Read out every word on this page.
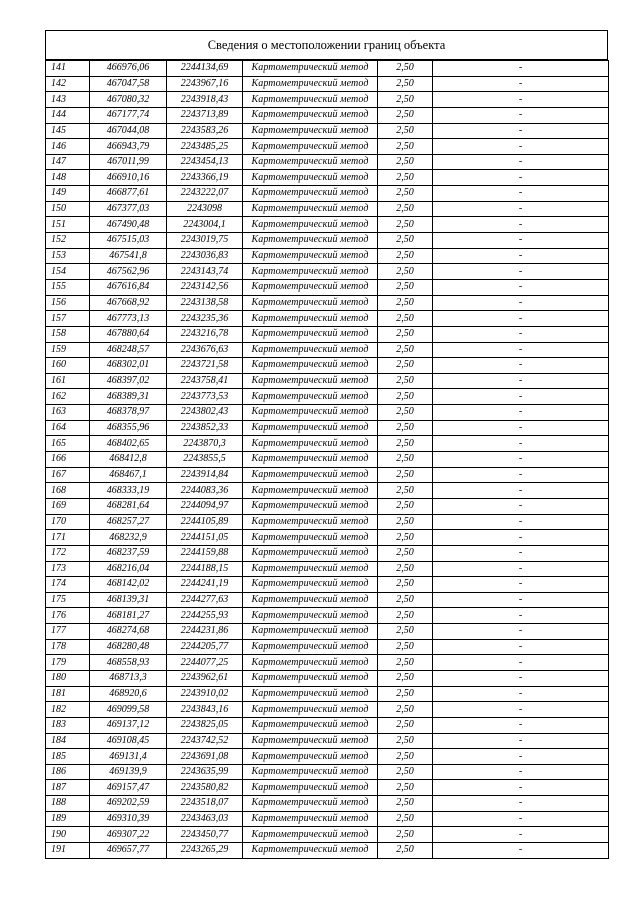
Сведения о местоположении границ объекта
141	466976,06	2244134,69	Картометрический метод	2,50	-
142	467047,58	2243967,16	Картометрический метод	2,50	-
143	467080,32	2243918,43	Картометрический метод	2,50	-
144	467177,74	2243713,89	Картометрический метод	2,50	-
145	467044,08	2243583,26	Картометрический метод	2,50	-
146	466943,79	2243485,25	Картометрический метод	2,50	-
147	467011,99	2243454,13	Картометрический метод	2,50	-
148	466910,16	2243366,19	Картометрический метод	2,50	-
149	466877,61	2243222,07	Картометрический метод	2,50	-
150	467377,03	2243098	Картометрический метод	2,50	-
151	467490,48	2243004,1	Картометрический метод	2,50	-
152	467515,03	2243019,75	Картометрический метод	2,50	-
153	467541,8	2243036,83	Картометрический метод	2,50	-
154	467562,96	2243143,74	Картометрический метод	2,50	-
155	467616,84	2243142,56	Картометрический метод	2,50	-
156	467668,92	2243138,58	Картометрический метод	2,50	-
157	467773,13	2243235,36	Картометрический метод	2,50	-
158	467880,64	2243216,78	Картометрический метод	2,50	-
159	468248,57	2243676,63	Картометрический метод	2,50	-
160	468302,01	2243721,58	Картометрический метод	2,50	-
161	468397,02	2243758,41	Картометрический метод	2,50	-
162	468389,31	2243773,53	Картометрический метод	2,50	-
163	468378,97	2243802,43	Картометрический метод	2,50	-
164	468355,96	2243852,33	Картометрический метод	2,50	-
165	468402,65	2243870,3	Картометрический метод	2,50	-
166	468412,8	2243855,5	Картометрический метод	2,50	-
167	468467,1	2243914,84	Картометрический метод	2,50	-
168	468333,19	2244083,36	Картометрический метод	2,50	-
169	468281,64	2244094,97	Картометрический метод	2,50	-
170	468257,27	2244105,89	Картометрический метод	2,50	-
171	468232,9	2244151,05	Картометрический метод	2,50	-
172	468237,59	2244159,88	Картометрический метод	2,50	-
173	468216,04	2244188,15	Картометрический метод	2,50	-
174	468142,02	2244241,19	Картометрический метод	2,50	-
175	468139,31	2244277,63	Картометрический метод	2,50	-
176	468181,27	2244255,93	Картометрический метод	2,50	-
177	468274,68	2244231,86	Картометрический метод	2,50	-
178	468280,48	2244205,77	Картометрический метод	2,50	-
179	468558,93	2244077,25	Картометрический метод	2,50	-
180	468713,3	2243962,61	Картометрический метод	2,50	-
181	468920,6	2243910,02	Картометрический метод	2,50	-
182	469099,58	2243843,16	Картометрический метод	2,50	-
183	469137,12	2243825,05	Картометрический метод	2,50	-
184	469108,45	2243742,52	Картометрический метод	2,50	-
185	469131,4	2243691,08	Картометрический метод	2,50	-
186	469139,9	2243635,99	Картометрический метод	2,50	-
187	469157,47	2243580,82	Картометрический метод	2,50	-
188	469202,59	2243518,07	Картометрический метод	2,50	-
189	469310,39	2243463,03	Картометрический метод	2,50	-
190	469307,22	2243450,77	Картометрический метод	2,50	-
191	469657,77	2243265,29	Картометрический метод	2,50	-
